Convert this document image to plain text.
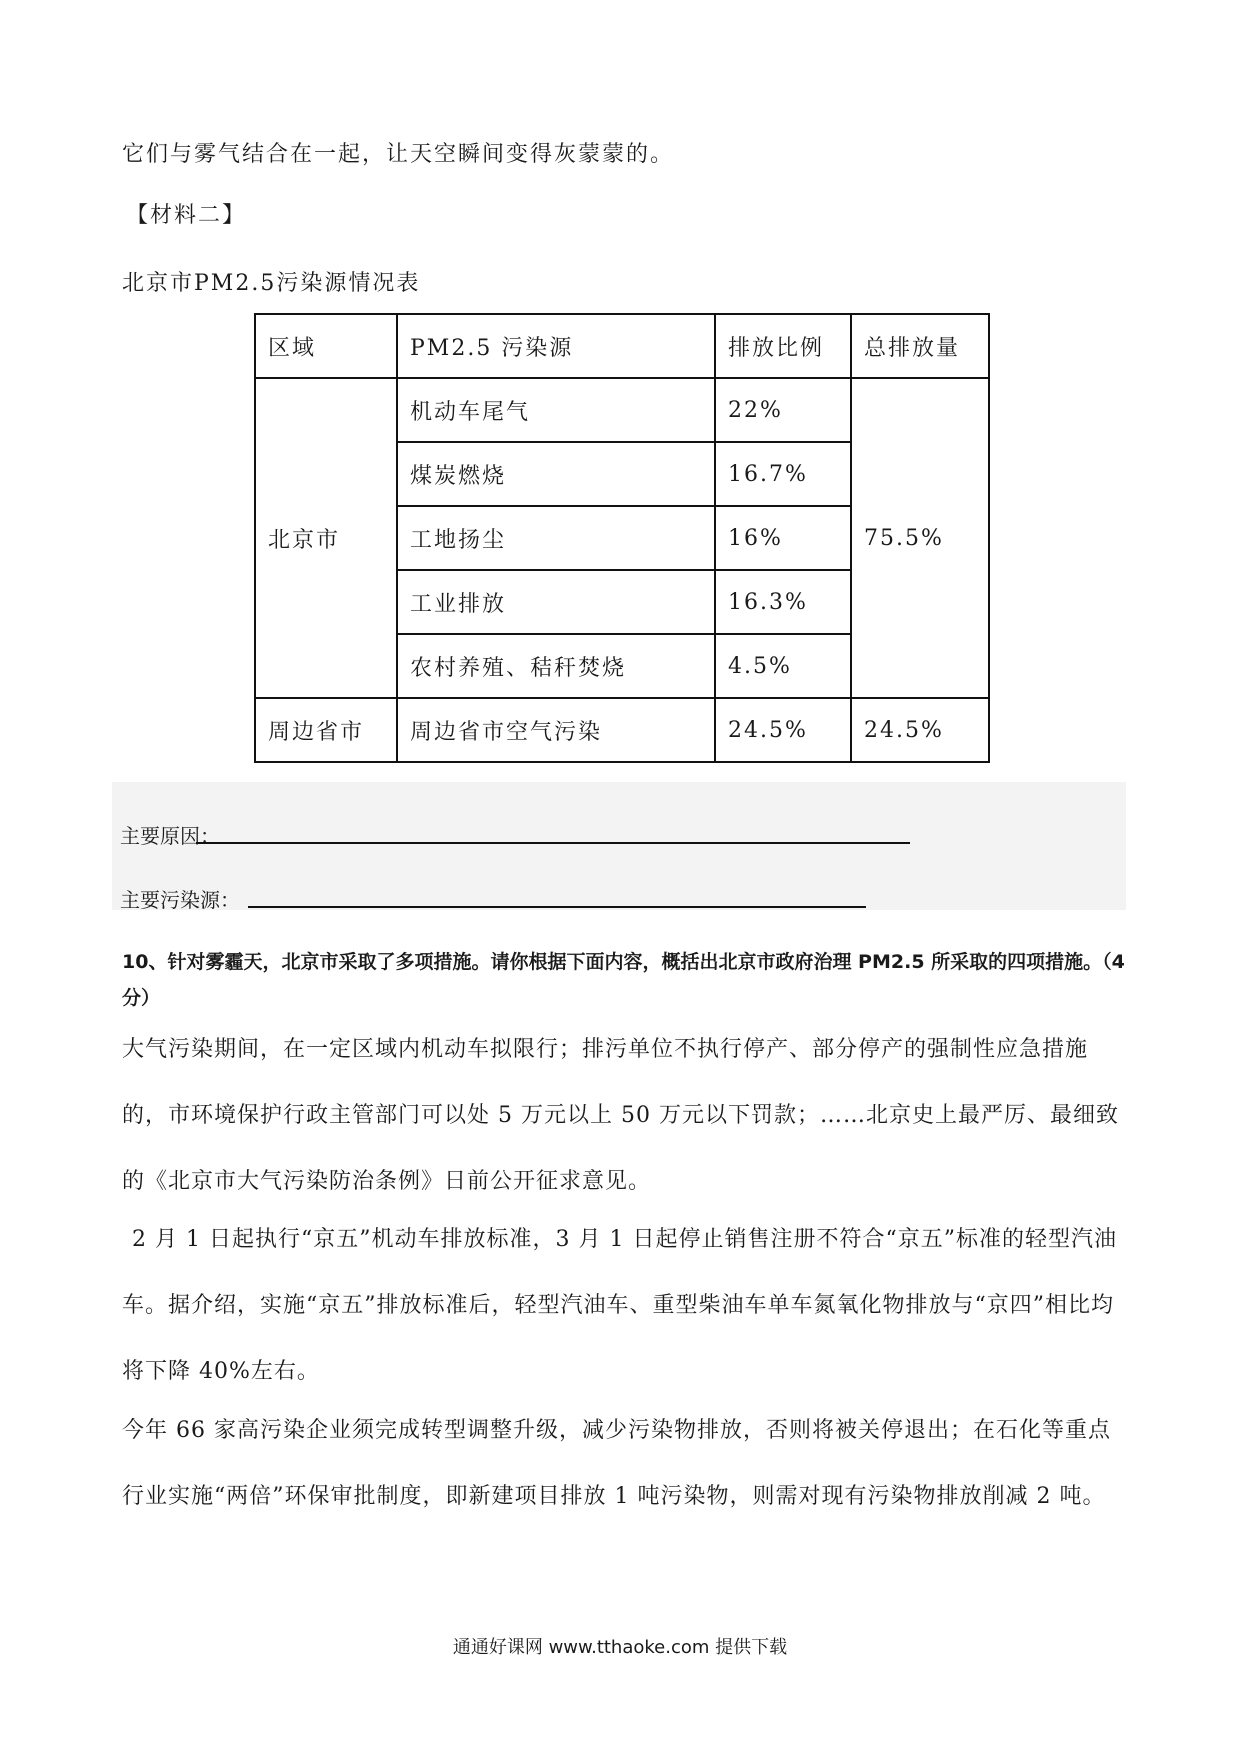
它们与雾气结合在一起，让天空瞬间变得灰蒙蒙的。
【材料二】
北京市PM2.5污染源情况表
区域	PM2.5 污染源	排放比例	总排放量
北京市	机动车尾气	22%	75.5%
	煤炭燃烧	16.7%	
	工地扬尘	16%	
	工业排放	16.3%	
	农村养殖、秸秆焚烧	4.5%	
周边省市	周边省市空气污染	24.5%	24.5%
主要原因：
主要污染源：
10、针对雾霾天，北京市采取了多项措施。请你根据下面内容，概括出北京市政府治理 PM2.5 所采取的四项措施。（4 分）
大气污染期间，在一定区域内机动车拟限行；排污单位不执行停产、部分停产的强制性应急措施的，市环境保护行政主管部门可以处 5 万元以上 50 万元以下罚款；……北京史上最严厉、最细致的《北京市大气污染防治条例》日前公开征求意见。
2 月 1 日起执行“京五”机动车排放标准，3 月 1 日起停止销售注册不符合“京五”标准的轻型汽油车。据介绍，实施“京五”排放标准后，轻型汽油车、重型柴油车单车氮氧化物排放与“京四”相比均将下降 40%左右。
今年 66 家高污染企业须完成转型调整升级，减少污染物排放，否则将被关停退出；在石化等重点行业实施“两倍”环保审批制度，即新建项目排放 1 吨污染物，则需对现有污染物排放削减 2 吨。
通通好课网 www.tthaoke.com 提供下载
